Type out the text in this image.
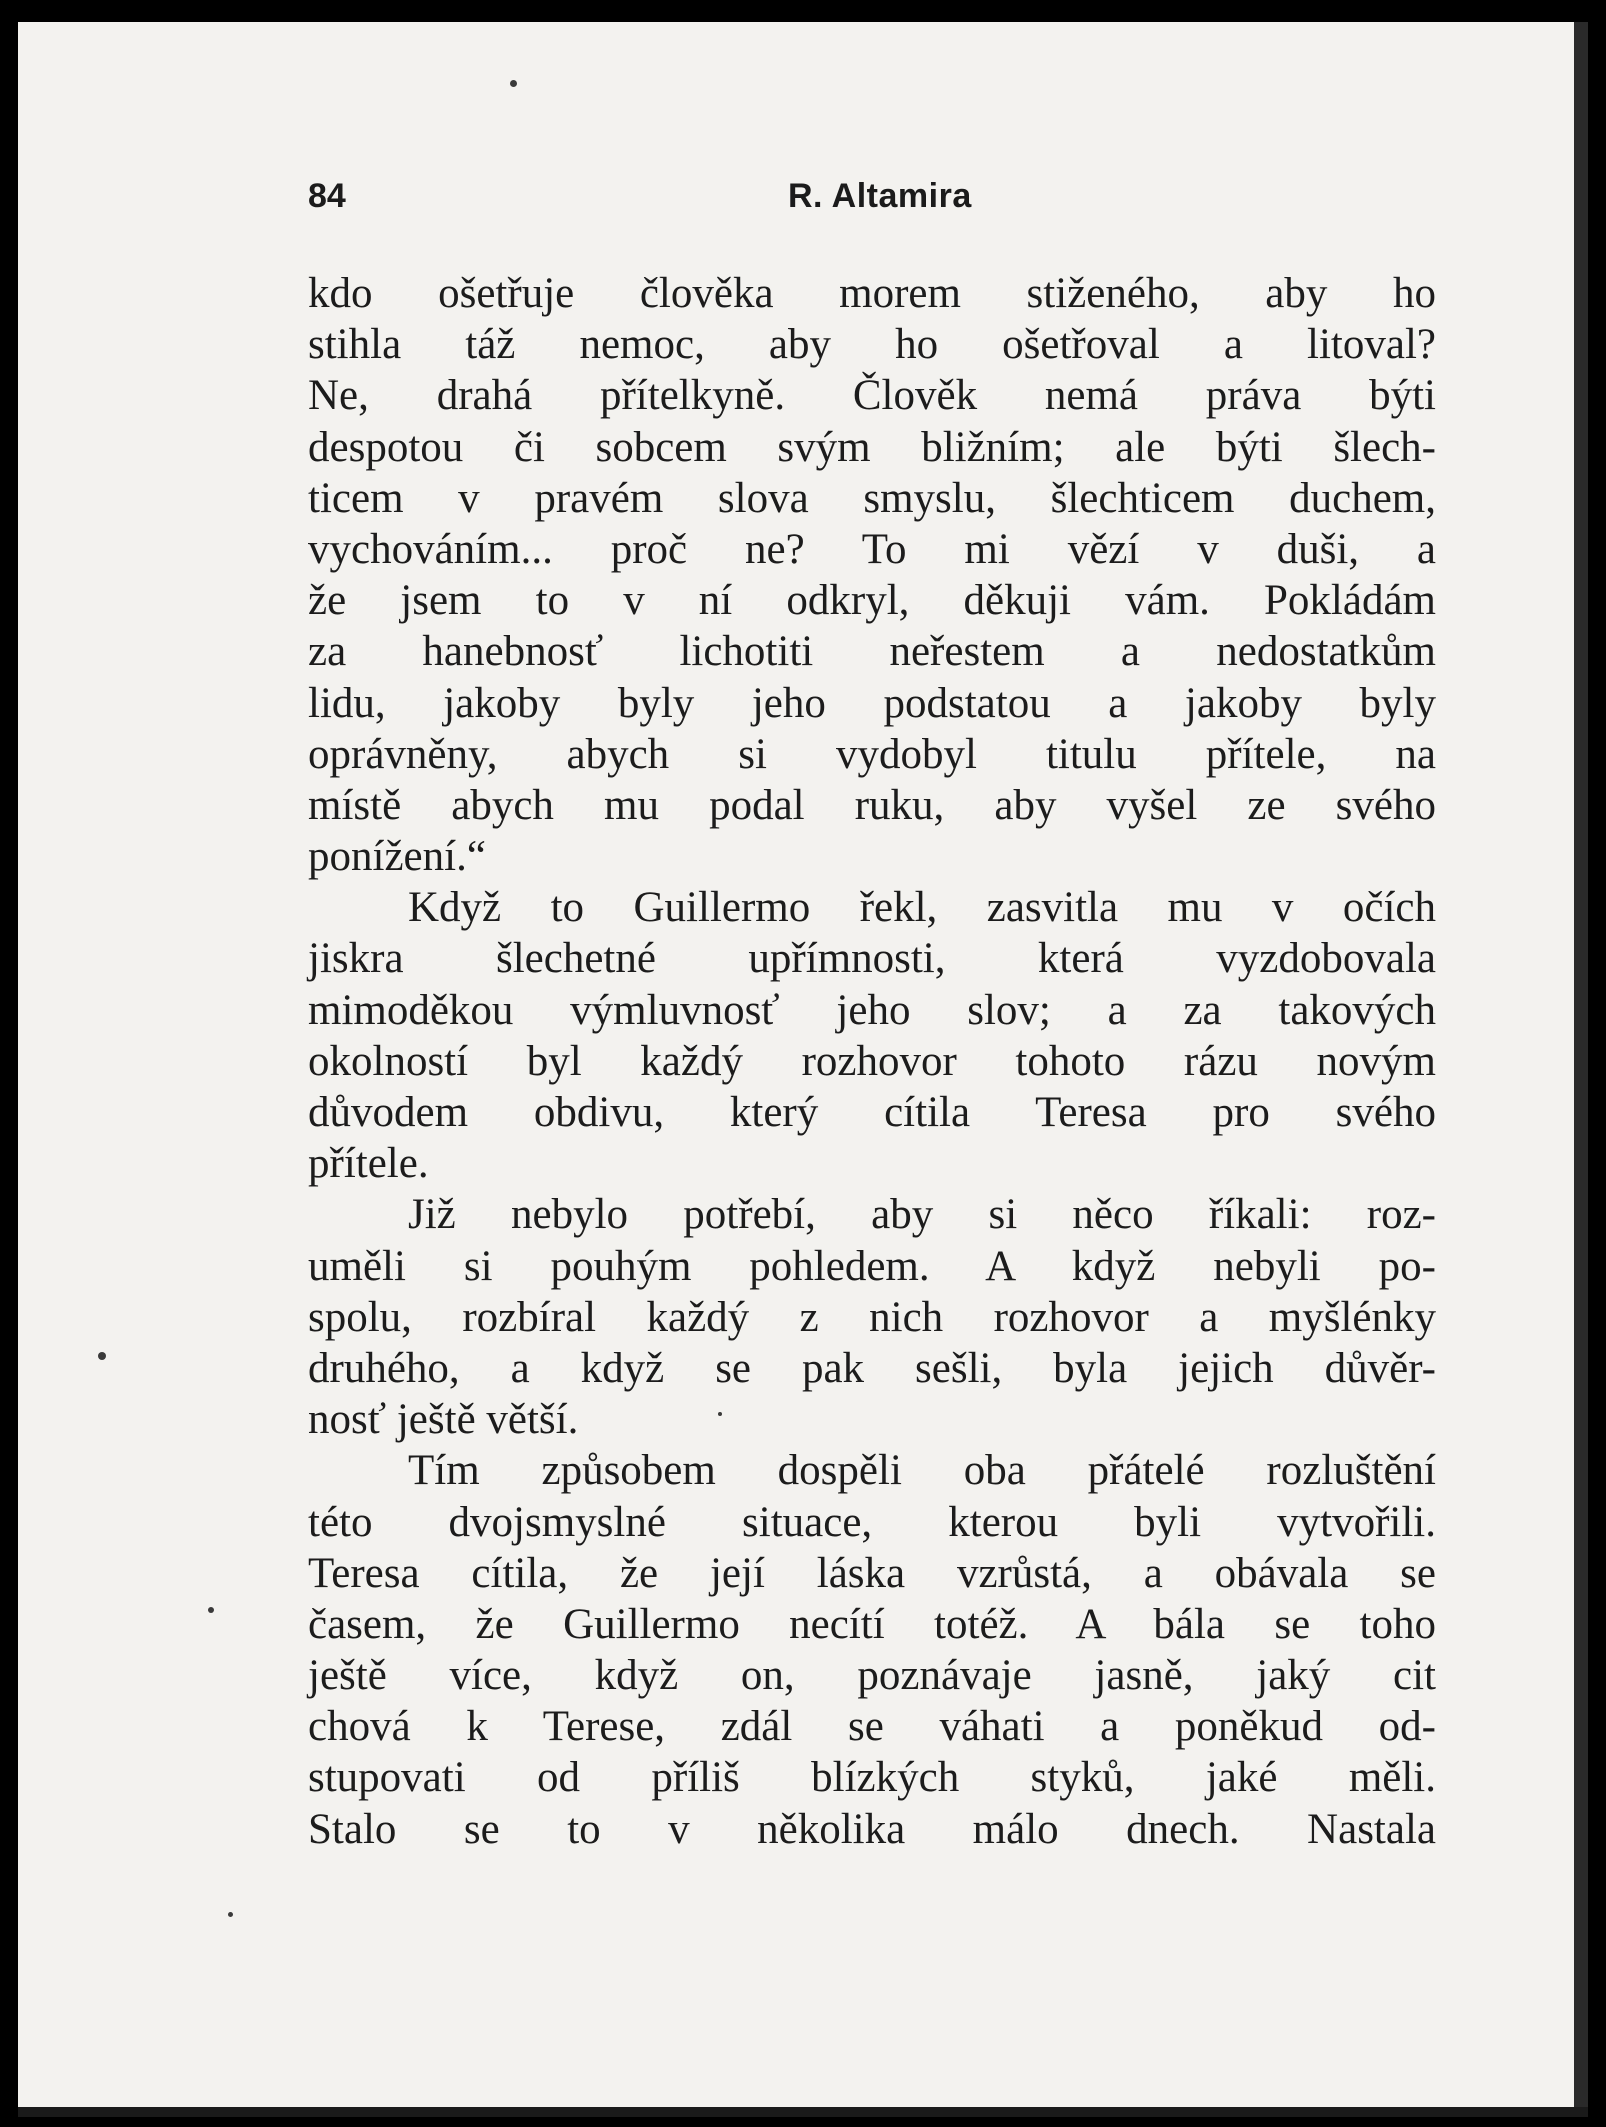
84	R. Altamira
kdo ošetřuje člověka morem stiženého, aby ho
stihla táž nemoc, aby ho ošetřoval a litoval?
Ne, drahá přítelkyně. Člověk nemá práva býti
despotou či sobcem svým bližním; ale býti šlech-
ticem v pravém slova smyslu, šlechticem duchem,
vychováním... proč ne? To mi vězí v duši, a
že jsem to v ní odkryl, děkuji vám. Pokládám
za hanebnosť lichotiti neřestem a nedostatkům
lidu, jakoby byly jeho podstatou a jakoby byly
oprávněny, abych si vydobyl titulu přítele, na
místě abych mu podal ruku, aby vyšel ze svého
ponížení.“
Když to Guillermo řekl, zasvitla mu v očích
jiskra šlechetné upřímnosti, která vyzdobovala
mimoděkou výmluvnosť jeho slov; a za takových
okolností byl každý rozhovor tohoto rázu novým
důvodem obdivu, který cítila Teresa pro svého
přítele.
Již nebylo potřebí, aby si něco říkali: roz-
uměli si pouhým pohledem. A když nebyli po-
spolu, rozbíral každý z nich rozhovor a myšlénky
druhého, a když se pak sešli, byla jejich důvěr-
nosť ještě větší.
Tím způsobem dospěli oba přátelé rozluštění
této dvojsmyslné situace, kterou byli vytvořili.
Teresa cítila, že její láska vzrůstá, a obávala se
časem, že Guillermo necítí totéž. A bála se toho
ještě více, když on, poznávaje jasně, jaký cit
chová k Terese, zdál se váhati a poněkud od-
stupovati od příliš blízkých styků, jaké měli.
Stalo se to v několika málo dnech. Nastala
